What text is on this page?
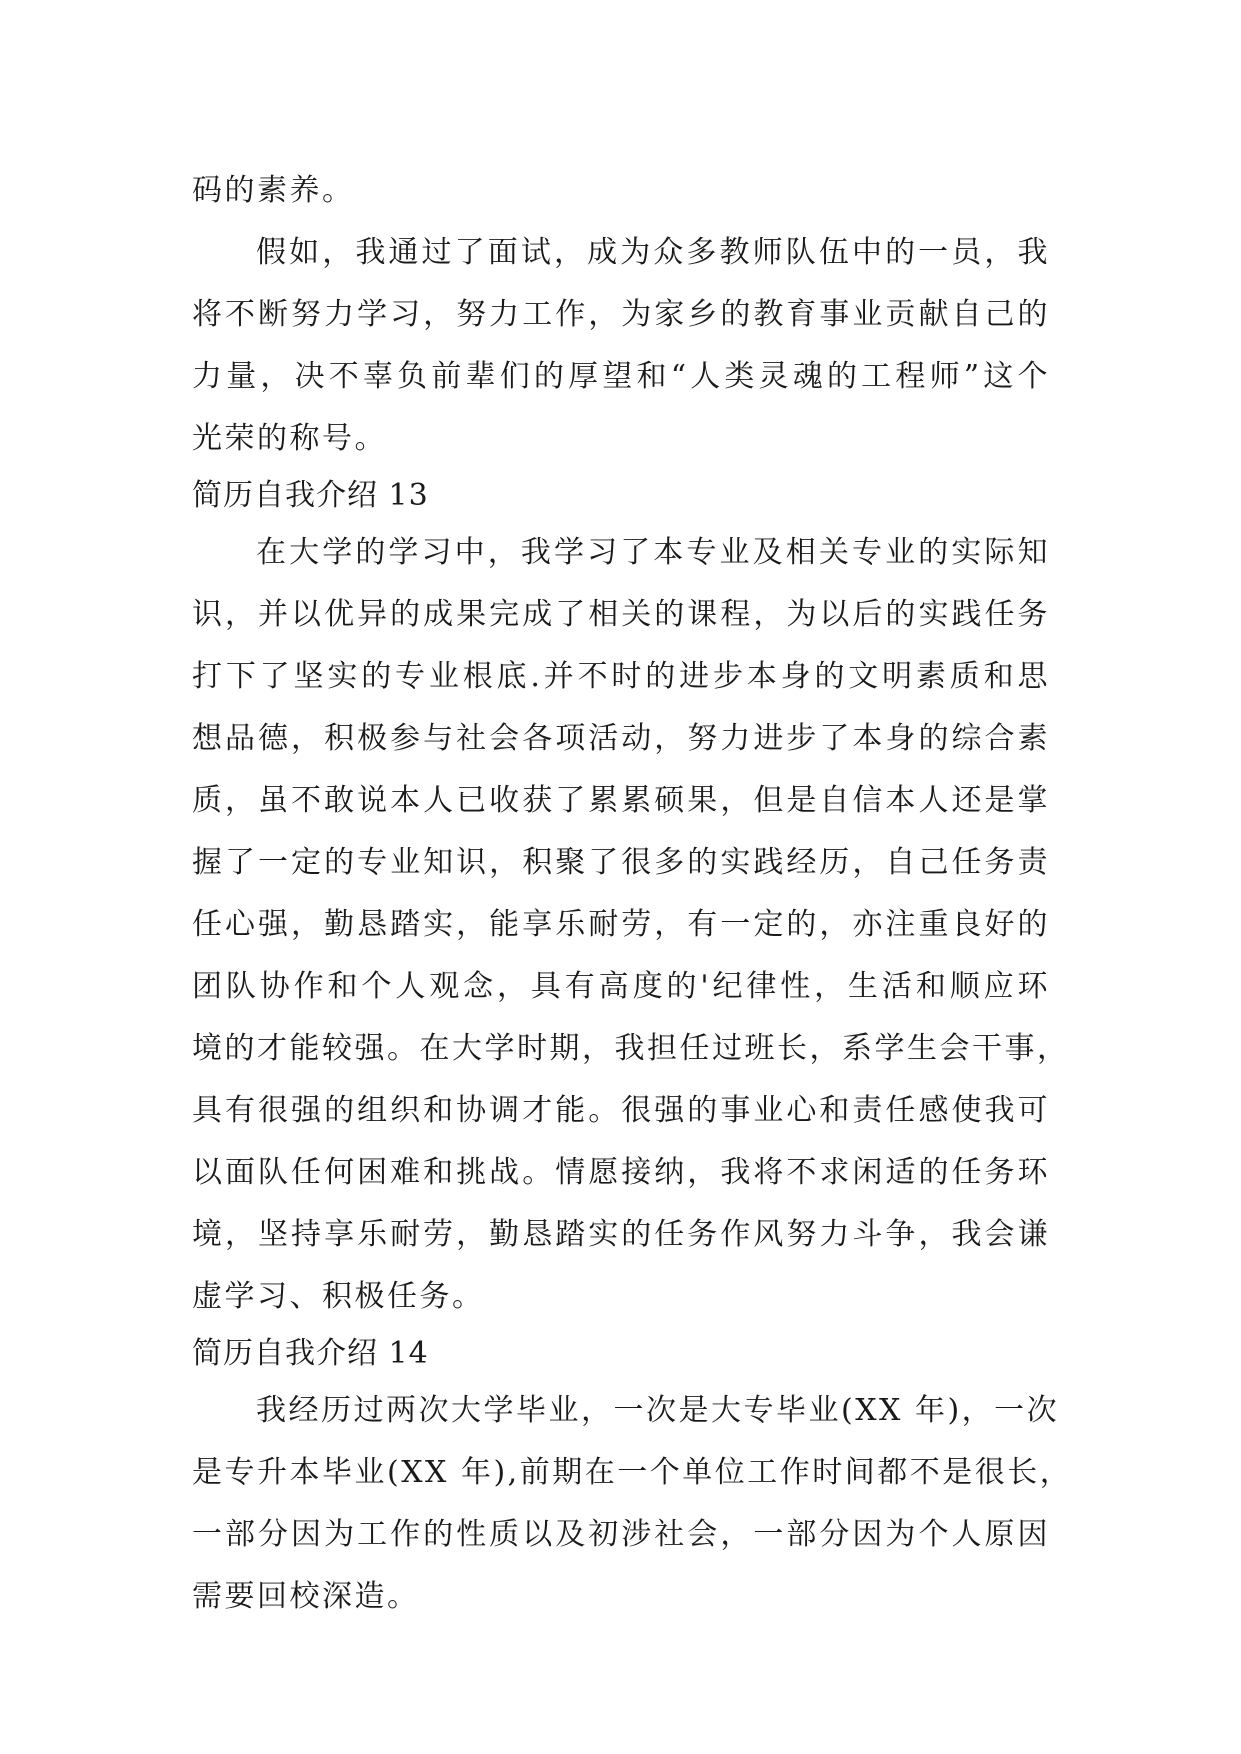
码的素养。
假如，我通过了面试，成为众多教师队伍中的一员，我
将不断努力学习，努力工作，为家乡的教育事业贡献自己的
力量，决不辜负前辈们的厚望和“人类灵魂的工程师”这个
光荣的称号。
简历自我介绍 13
在大学的学习中，我学习了本专业及相关专业的实际知
识，并以优异的成果完成了相关的课程，为以后的实践任务
打下了坚实的专业根底.并不时的进步本身的文明素质和思
想品德，积极参与社会各项活动，努力进步了本身的综合素
质，虽不敢说本人已收获了累累硕果，但是自信本人还是掌
握了一定的专业知识，积聚了很多的实践经历，自己任务责
任心强，勤恳踏实，能享乐耐劳，有一定的，亦注重良好的
团队协作和个人观念，具有高度的'纪律性，生活和顺应环
境的才能较强。在大学时期，我担任过班长，系学生会干事，
具有很强的组织和协调才能。很强的事业心和责任感使我可
以面队任何困难和挑战。情愿接纳，我将不求闲适的任务环
境，坚持享乐耐劳，勤恳踏实的任务作风努力斗争，我会谦
虚学习、积极任务。
简历自我介绍 14
我经历过两次大学毕业，一次是大专毕业(XX 年)，一次
是专升本毕业(XX 年),前期在一个单位工作时间都不是很长，
一部分因为工作的性质以及初涉社会，一部分因为个人原因
需要回校深造。
